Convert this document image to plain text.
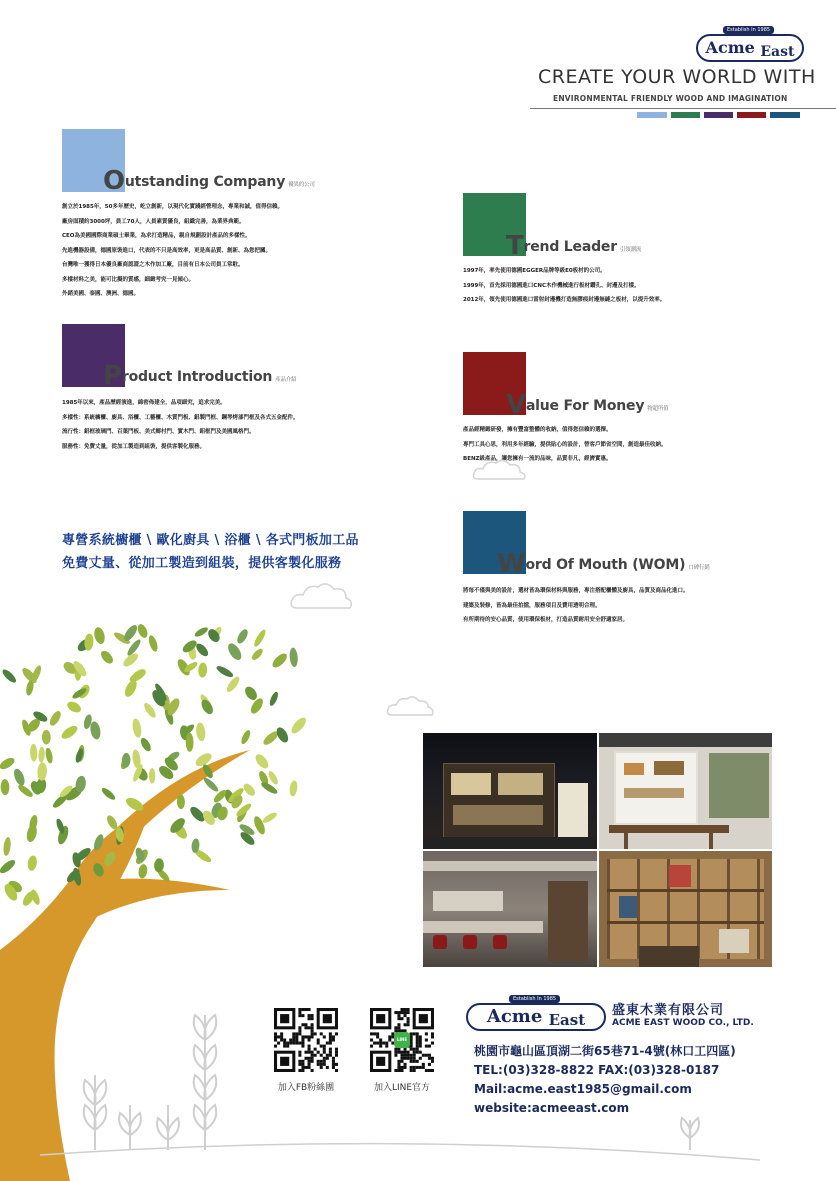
Establish In 1985
Acme East
CREATE YOUR WORLD WITH
ENVIRONMENTAL FRIENDLY WOOD AND IMAGINATION
Outstanding Company 優異的公司
創立於1985年，50多年歷史，屹立創新，以現代化實踐經營理念，專業和誠，值得信賴。
廠房面積約3000坪，員工70人，人員素質優良，組織完善，為業界典範。
CEO為美國國際商業碩士畢業，為求打造精品，親自規劃設計產品的多樣性。
先進機器設備，德國原裝進口，代表的不只是高效率，更是高品質、創新、為您把關。
台灣唯一獲得日本優良廠商認證之木作加工廠，目前有日本公司員工常駐。
多樣材料之美，能可比擬的質感，細緻考究一見傾心。
外銷美國、泰國、澳洲、德國。
Product Introduction 產品介紹
1985年以來，產品歷經演進，綿密佈建全，品項細究，追求完美。
多樣性：系統櫥櫃、廚具、浴櫃、工藝櫃、木質門板、鋁製門框、鋼琴烤漆門框及各式五金配件。
流行性：鋁框玻璃門、百葉門板、美式鄉村門、實木門、鋁框門及美國風格門。
服務性：免費丈量，從加工製造到組裝，提供客製化服務。
Trend Leader 引領潮流
1997年，率先使用德國EGGER品牌等級E0板材的公司。
1999年，首先採用德國進口CNC木作機械進行板材鑽孔、封邊及打樣。
2012年，領先使用德國進口雷射封邊機打造無膠痕封邊無縫之板材，以提升效率。
Value For Money 物超所值
產品經精緻研發，擁有豐富整體的收納，值得您信賴的選擇。
專門工具心思，利用多年經驗，提供貼心的設計，替客戶節省空間，創造最佳收納。
BENZ級產品，讓您擁有一流的品味，品質非凡，經濟實惠。
Word Of Mouth (WOM) 口碑行銷
將每不僅與美的設計，選材皆為環保材料與服務，專注搭配櫃體及廚具，品質及商品化進口。
建築及裝修，皆為最佳拍擋，服務項目及費用透明合理。
有所期待的安心品質，使用環保板材，打造品質耐用安全舒適家居。
專營系統櫥櫃 \ 歐化廚具 \ 浴櫃 \ 各式門板加工品
免費丈量、從加工製造到組裝，提供客製化服務
加入FB粉絲團
LINE
加入LINE官方
Establish In 1985
Acme East
盛東木業有限公司
ACME EAST WOOD CO., LTD.
桃園市龜山區頂湖二街65巷71-4號(林口工四區)
TEL:(03)328-8822 FAX:(03)328-0187
Mail:acme.east1985@gmail.com
website:acmeeast.com
